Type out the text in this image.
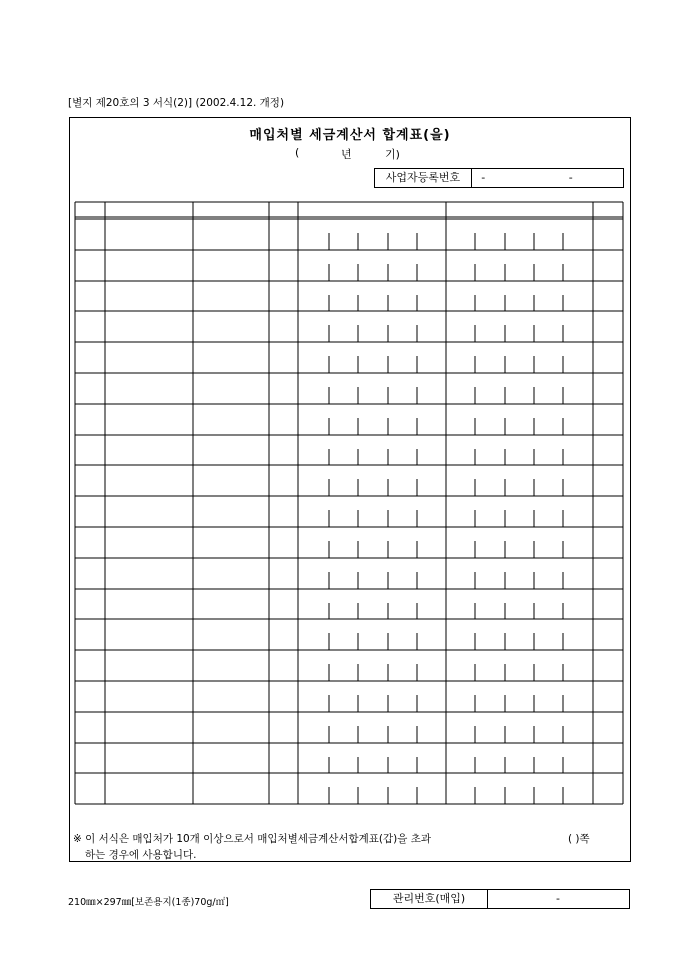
[별지 제20호의 3 서식(2)] (2002.4.12. 개정)
매입처별 세금계산서 합계표(을)
(	년	기)
사업자등록번호	- -
※ 이 서식은 매입처가 10개 이상으로서 매입처별세금계산서합계표(갑)을 초과
하는 경우에 사용합니다.
( )쪽
210㎜×297㎜[보존용지(1종)70g/㎡]	관리번호(매입)	-
